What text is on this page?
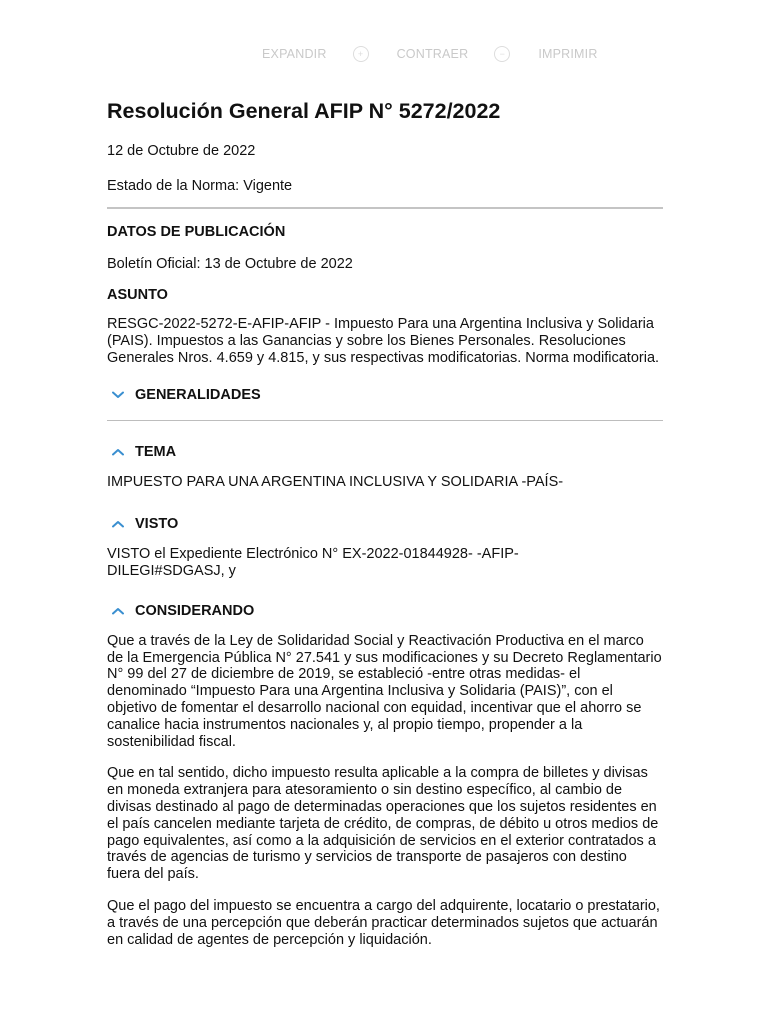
EXPANDIR	+	CONTRAER	−	IMPRIMIR
Resolución General AFIP N° 5272/2022

12 de Octubre de 2022

Estado de la Norma: Vigente

DATOS DE PUBLICACIÓN

Boletín Oficial: 13 de Octubre de 2022

ASUNTO

RESGC-2022-5272-E-AFIP-AFIP - Impuesto Para una Argentina Inclusiva y Solidaria (PAIS). Impuestos a las Ganancias y sobre los Bienes Personales. Resoluciones Generales Nros. 4.659 y 4.815, y sus respectivas modificatorias. Norma modificatoria.

GENERALIDADES
TEMA

IMPUESTO PARA UNA ARGENTINA INCLUSIVA Y SOLIDARIA -PAÍS-

VISTO

VISTO el Expediente Electrónico N° EX-2022-01844928- -AFIP-DILEGI#SDGASJ, y

CONSIDERANDO

Que a través de la Ley de Solidaridad Social y Reactivación Productiva en el marco de la Emergencia Pública N° 27.541 y sus modificaciones y su Decreto Reglamentario N° 99 del 27 de diciembre de 2019, se estableció -entre otras medidas- el denominado “Impuesto Para una Argentina Inclusiva y Solidaria (PAIS)”, con el objetivo de fomentar el desarrollo nacional con equidad, incentivar que el ahorro se canalice hacia instrumentos nacionales y, al propio tiempo, propender a la sostenibilidad fiscal.

Que en tal sentido, dicho impuesto resulta aplicable a la compra de billetes y divisas en moneda extranjera para atesoramiento o sin destino específico, al cambio de divisas destinado al pago de determinadas operaciones que los sujetos residentes en el país cancelen mediante tarjeta de crédito, de compras, de débito u otros medios de pago equivalentes, así como a la adquisición de servicios en el exterior contratados a través de agencias de turismo y servicios de transporte de pasajeros con destino fuera del país.

Que el pago del impuesto se encuentra a cargo del adquirente, locatario o prestatario, a través de una percepción que deberán practicar determinados sujetos que actuarán en calidad de agentes de percepción y liquidación.
